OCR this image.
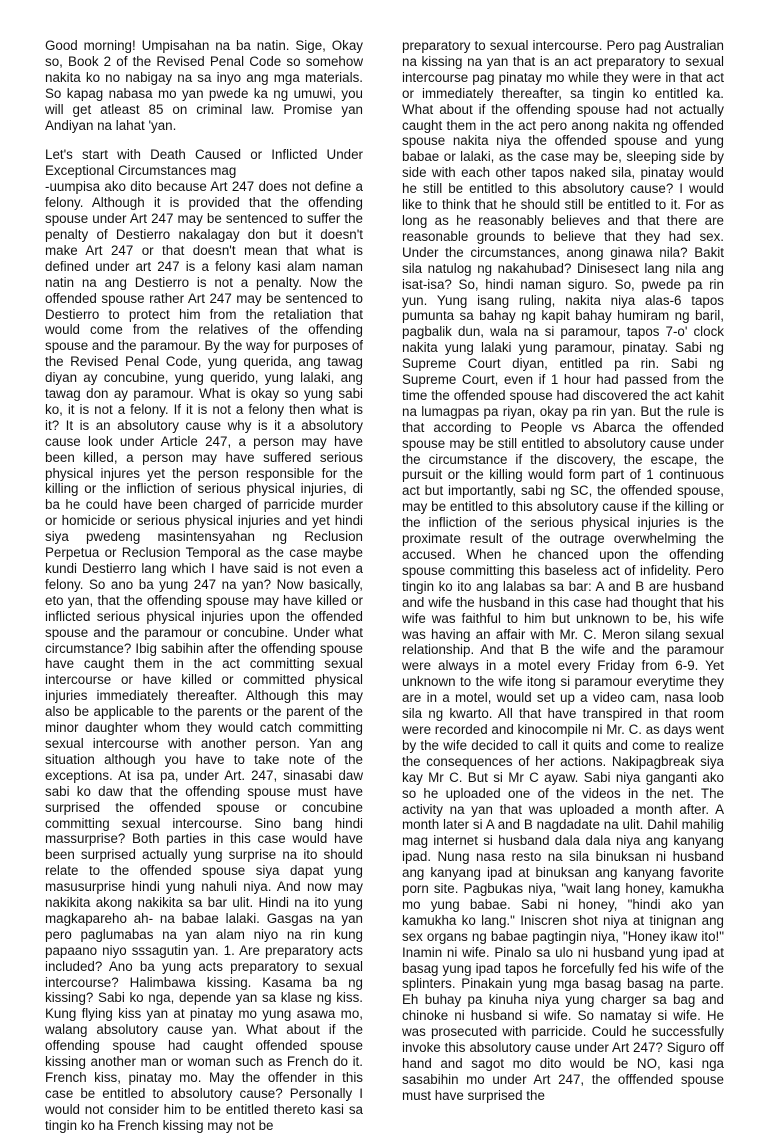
Good morning! Umpisahan na ba natin. Sige, Okay so, Book 2 of the Revised Penal Code so somehow nakita ko no nabigay na sa inyo ang mga materials. So kapag nabasa mo yan pwede ka ng umuwi, you will get atleast 85 on criminal law. Promise yan Andiyan na lahat 'yan.

Let's start with Death Caused or Inflicted Under Exceptional Circumstances mag

-uumpisa ako dito because Art 247 does not define a felony. Although it is provided that the offending spouse under Art 247 may be sentenced to suffer the penalty of Destierro nakalagay don but it doesn't make Art 247 or that doesn't mean that what is defined under art 247 is a felony kasi alam naman natin na ang Destierro is not a penalty. Now the offended spouse rather Art 247 may be sentenced to Destierro to protect him from the retaliation that would come from the relatives of the offending spouse and the paramour. By the way for purposes of the Revised Penal Code, yung querida, ang tawag diyan ay concubine, yung querido, yung lalaki, ang tawag don ay paramour. What is okay so yung sabi ko, it is not a felony. If it is not a felony then what is it? It is an absolutory cause why is it a absolutory cause look under Article 247, a person may have been killed, a person may have suffered serious physical injures yet the person responsible for the killing or the infliction of serious physical injuries, di ba he could have been charged of parricide murder or homicide or serious physical injuries and yet hindi siya pwedeng masintensyahan ng Reclusion Perpetua or Reclusion Temporal as the case maybe kundi Destierro lang which I have said is not even a felony. So ano ba yung 247 na yan? Now basically, eto yan, that the offending spouse may have killed or inflicted serious physical injuries upon the offended spouse and the paramour or concubine. Under what circumstance? Ibig sabihin after the offending spouse have caught them in the act committing sexual intercourse or have killed or committed physical injuries immediately thereafter. Although this may also be applicable to the parents or the parent of the minor daughter whom they would catch committing sexual intercourse with another person. Yan ang situation although you have to take note of the exceptions. At isa pa, under Art. 247, sinasabi daw sabi ko daw that the offending spouse must have surprised the offended spouse or concubine committing sexual intercourse. Sino bang hindi massurprise? Both parties in this case would have been surprised actually yung surprise na ito should relate to the offended spouse siya dapat yung masusurprise hindi yung nahuli niya. And now may nakikita akong nakikita sa bar ulit. Hindi na ito yung magkapareho ah- na babae lalaki. Gasgas na yan pero paglumabas na yan alam niyo na rin kung papaano niyo sssagutin yan. 1. Are preparatory acts included? Ano ba yung acts preparatory to sexual intercourse? Halimbawa kissing. Kasama ba ng kissing? Sabi ko nga, depende yan sa klase ng kiss. Kung flying kiss yan at pinatay mo yung asawa mo, walang absolutory cause yan. What about if the offending spouse had caught offended spouse kissing another man or woman such as French do it. French kiss, pinatay mo. May the offender in this case be entitled to absolutory cause? Personally I would not consider him to be entitled thereto kasi sa tingin ko ha French kissing may not be

preparatory to sexual intercourse. Pero pag Australian na kissing na yan that is an act preparatory to sexual intercourse pag pinatay mo while they were in that act or immediately thereafter, sa tingin ko entitled ka. What about if the offending spouse had not actually caught them in the act pero anong nakita ng offended spouse nakita niya the offended spouse and yung babae or lalaki, as the case may be, sleeping side by side with each other tapos naked sila, pinatay would he still be entitled to this absolutory cause? I would like to think that he should still be entitled to it. For as long as he reasonably believes and that there are reasonable grounds to believe that they had sex. Under the circumstances, anong ginawa nila? Bakit sila natulog ng nakahubad? Dinisesect lang nila ang isat-isa? So, hindi naman siguro. So, pwede pa rin yun. Yung isang ruling, nakita niya alas-6 tapos pumunta sa bahay ng kapit bahay humiram ng baril, pagbalik dun, wala na si paramour, tapos 7-o' clock nakita yung lalaki yung paramour, pinatay. Sabi ng Supreme Court diyan, entitled pa rin. Sabi ng Supreme Court, even if 1 hour had passed from the time the offended spouse had discovered the act kahit na lumagpas pa riyan, okay pa rin yan. But the rule is that according to People vs Abarca the offended spouse may be still entitled to absolutory cause under the circumstance if the discovery, the escape, the pursuit or the killing would form part of 1 continuous act but importantly, sabi ng SC, the offended spouse, may be entitled to this absolutory cause if the killing or the infliction of the serious physical injuries is the proximate result of the outrage overwhelming the accused. When he chanced upon the offending spouse committing this baseless act of infidelity. Pero tingin ko ito ang lalabas sa bar: A and B are husband and wife the husband in this case had thought that his wife was faithful to him but unknown to be, his wife was having an affair with Mr. C. Meron silang sexual relationship. And that B the wife and the paramour were always in a motel every Friday from 6-9. Yet unknown to the wife itong si paramour everytime they are in a motel, would set up a video cam, nasa loob sila ng kwarto. All that have transpired in that room were recorded and kinocompile ni Mr. C. as days went by the wife decided to call it quits and come to realize the consequences of her actions. Nakipagbreak siya kay Mr C. But si Mr C ayaw. Sabi niya ganganti ako so he uploaded one of the videos in the net. The activity na yan that was uploaded a month after. A month later si A and B nagdadate na ulit. Dahil mahilig mag internet si husband dala dala niya ang kanyang ipad. Nung nasa resto na sila binuksan ni husband ang kanyang ipad at binuksan ang kanyang favorite porn site. Pagbukas niya, "wait lang honey, kamukha mo yung babae. Sabi ni honey, "hindi ako yan kamukha ko lang." Iniscren shot niya at tinignan ang sex organs ng babae pagtingin niya, "Honey ikaw ito!" Inamin ni wife. Pinalo sa ulo ni husband yung ipad at basag yung ipad tapos he forcefully fed his wife of the splinters. Pinakain yung mga basag basag na parte. Eh buhay pa kinuha niya yung charger sa bag and chinoke ni husband si wife. So namatay si wife. He was prosecuted with parricide. Could he successfully invoke this absolutory cause under Art 247? Siguro off hand and sagot mo dito would be NO, kasi nga sasabihin mo under Art 247, the offfended spouse must have surprised the
